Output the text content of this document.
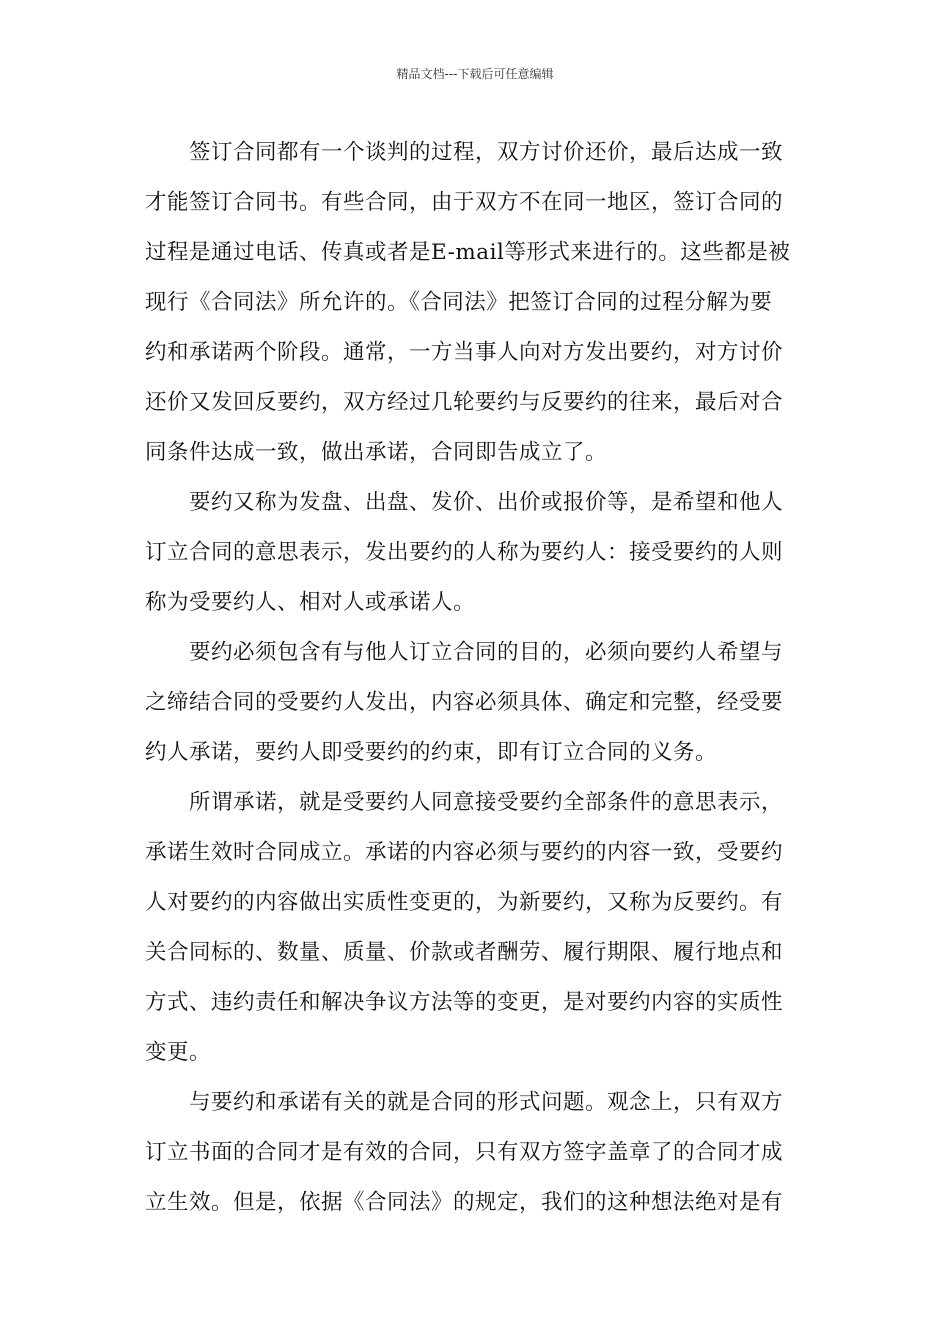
精品文档---下载后可任意编辑

签订合同都有一个谈判的过程，双方讨价还价，最后达成一致
才能签订合同书。有些合同，由于双方不在同一地区，签订合同的
过程是通过电话、传真或者是E-mail等形式来进行的。这些都是被
现行《合同法》所允许的。《合同法》把签订合同的过程分解为要
约和承诺两个阶段。通常，一方当事人向对方发出要约，对方讨价
还价又发回反要约，双方经过几轮要约与反要约的往来，最后对合
同条件达成一致，做出承诺，合同即告成立了。

要约又称为发盘、出盘、发价、出价或报价等，是希望和他人
订立合同的意思表示，发出要约的人称为要约人：接受要约的人则
称为受要约人、相对人或承诺人。

要约必须包含有与他人订立合同的目的，必须向要约人希望与
之缔结合同的受要约人发出，内容必须具体、确定和完整，经受要
约人承诺，要约人即受要约的约束，即有订立合同的义务。

所谓承诺，就是受要约人同意接受要约全部条件的意思表示，
承诺生效时合同成立。承诺的内容必须与要约的内容一致，受要约
人对要约的内容做出实质性变更的，为新要约，又称为反要约。有
关合同标的、数量、质量、价款或者酬劳、履行期限、履行地点和
方式、违约责任和解决争议方法等的变更，是对要约内容的实质性
变更。

与要约和承诺有关的就是合同的形式问题。观念上，只有双方
订立书面的合同才是有效的合同，只有双方签字盖章了的合同才成
立生效。但是，依据《合同法》的规定，我们的这种想法绝对是有
